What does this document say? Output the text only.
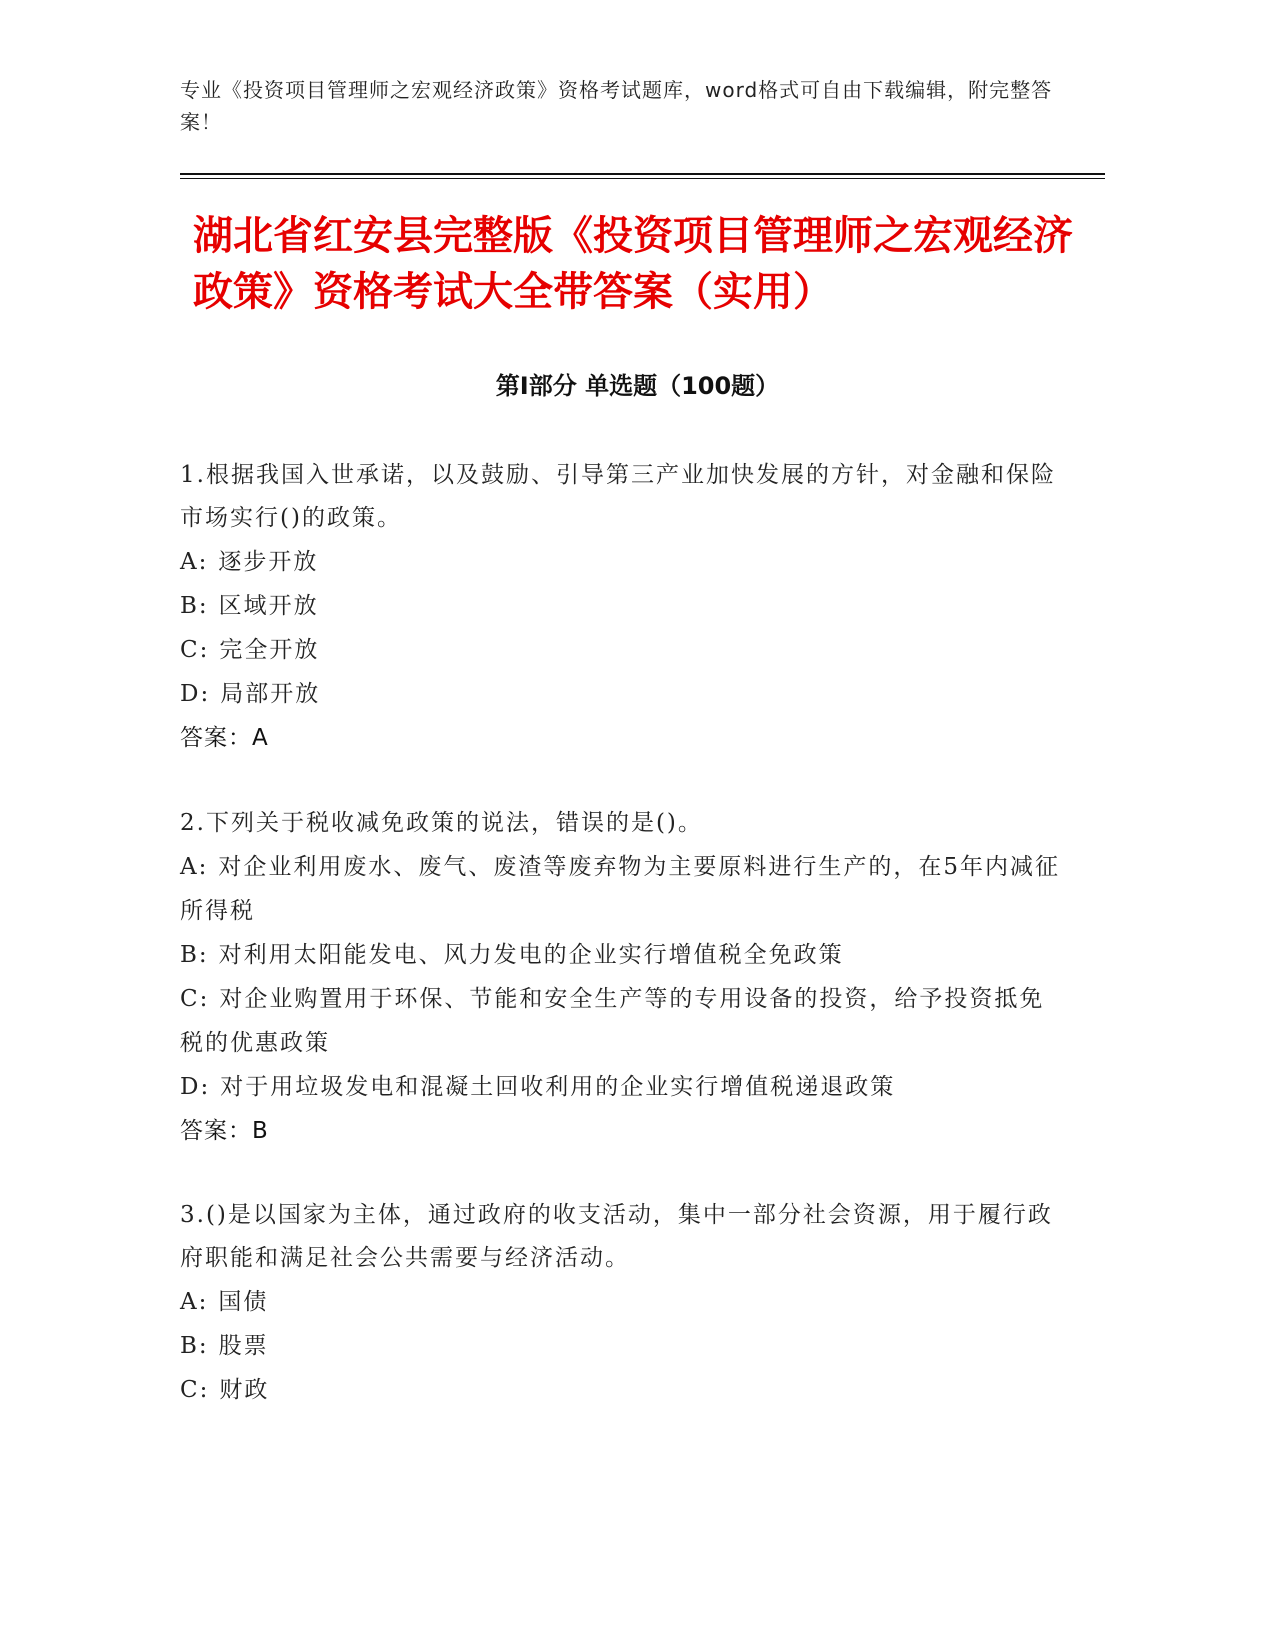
专业《投资项目管理师之宏观经济政策》资格考试题库，word格式可自由下载编辑，附完整答案！
湖北省红安县完整版《投资项目管理师之宏观经济政策》资格考试大全带答案（实用）
第Ⅰ部分 单选题（100题）

1.根据我国入世承诺，以及鼓励、引导第三产业加快发展的方针，对金融和保险市场实行()的政策。

A: 逐步开放

B: 区域开放

C: 完全开放

D: 局部开放

答案：A

2.下列关于税收减免政策的说法，错误的是()。

A: 对企业利用废水、废气、废渣等废弃物为主要原料进行生产的，在5年内减征所得税

B: 对利用太阳能发电、风力发电的企业实行增值税全免政策

C: 对企业购置用于环保、节能和安全生产等的专用设备的投资，给予投资抵免税的优惠政策

D: 对于用垃圾发电和混凝土回收利用的企业实行增值税递退政策

答案：B

3.()是以国家为主体，通过政府的收支活动，集中一部分社会资源，用于履行政府职能和满足社会公共需要与经济活动。

A: 国债

B: 股票

C: 财政
